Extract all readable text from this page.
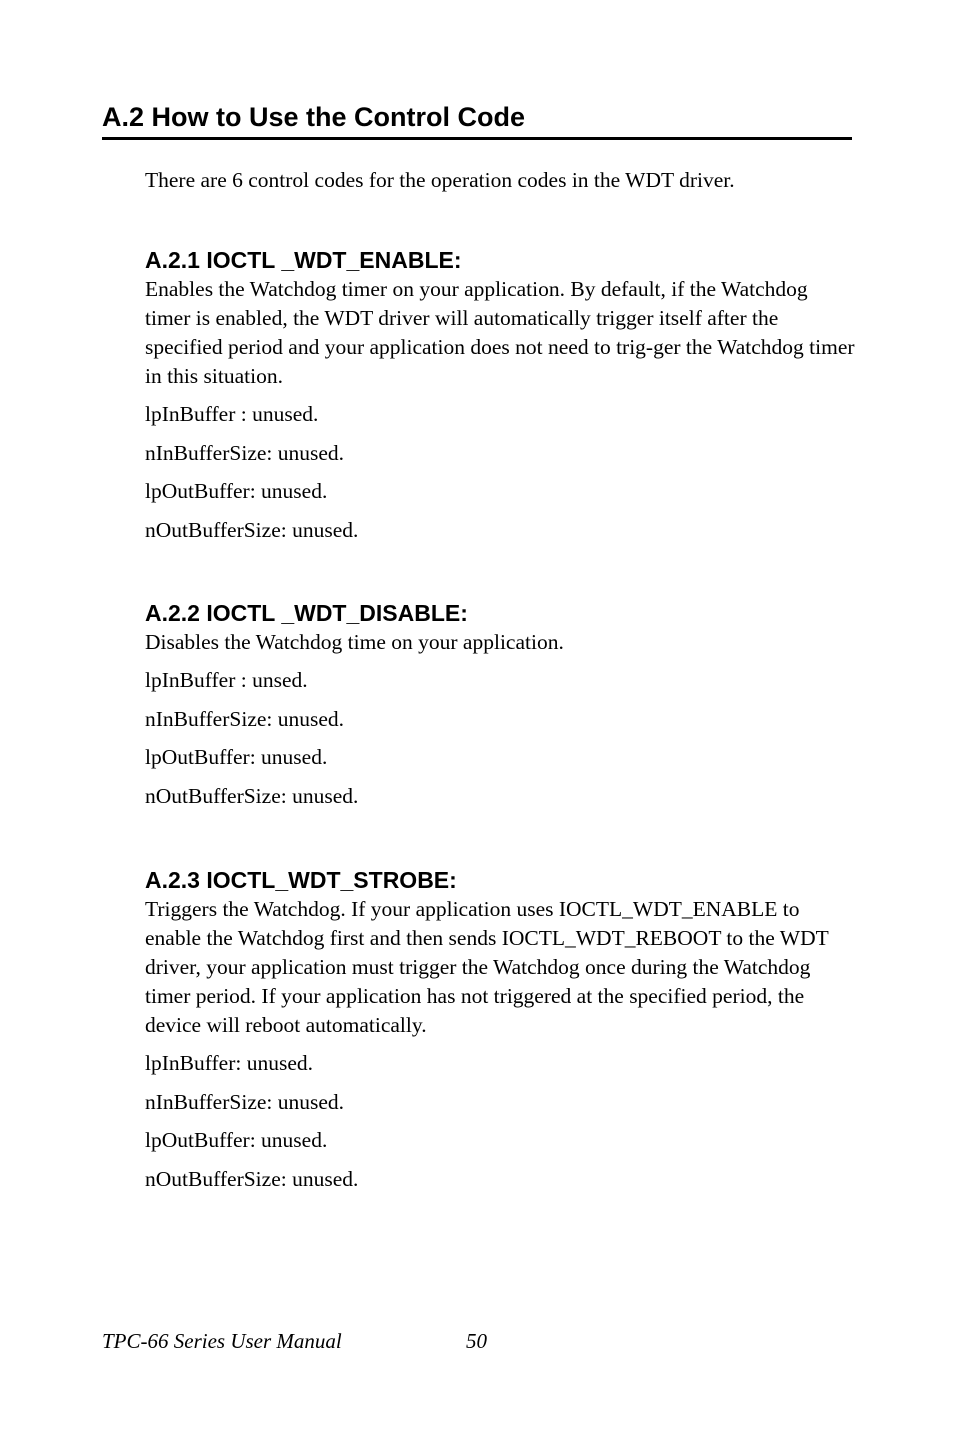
A.2 How to Use the Control Code

There are 6 control codes for the operation codes in the WDT driver.

A.2.1 IOCTL _WDT_ENABLE:

Enables the Watchdog timer on your application. By default, if the Watchdog timer is enabled, the WDT driver will automatically trigger itself after the specified period and your application does not need to trig-ger the Watchdog timer in this situation.

lpInBuffer : unused.

nInBufferSize: unused.

lpOutBuffer: unused.

nOutBufferSize: unused.

A.2.2 IOCTL _WDT_DISABLE:

Disables the Watchdog time on your application.

lpInBuffer : unsed.

nInBufferSize: unused.

lpOutBuffer: unused.

nOutBufferSize: unused.

A.2.3 IOCTL_WDT_STROBE:

Triggers the Watchdog. If your application uses IOCTL_WDT_ENABLE to enable the Watchdog first and then sends IOCTL_WDT_REBOOT to the WDT driver, your application must trigger the Watchdog once during the Watchdog timer period. If your application has not triggered at the specified period, the device will reboot automatically.

lpInBuffer: unused.

nInBufferSize: unused.

lpOutBuffer: unused.

nOutBufferSize: unused.

TPC-66 Series User Manual	50
